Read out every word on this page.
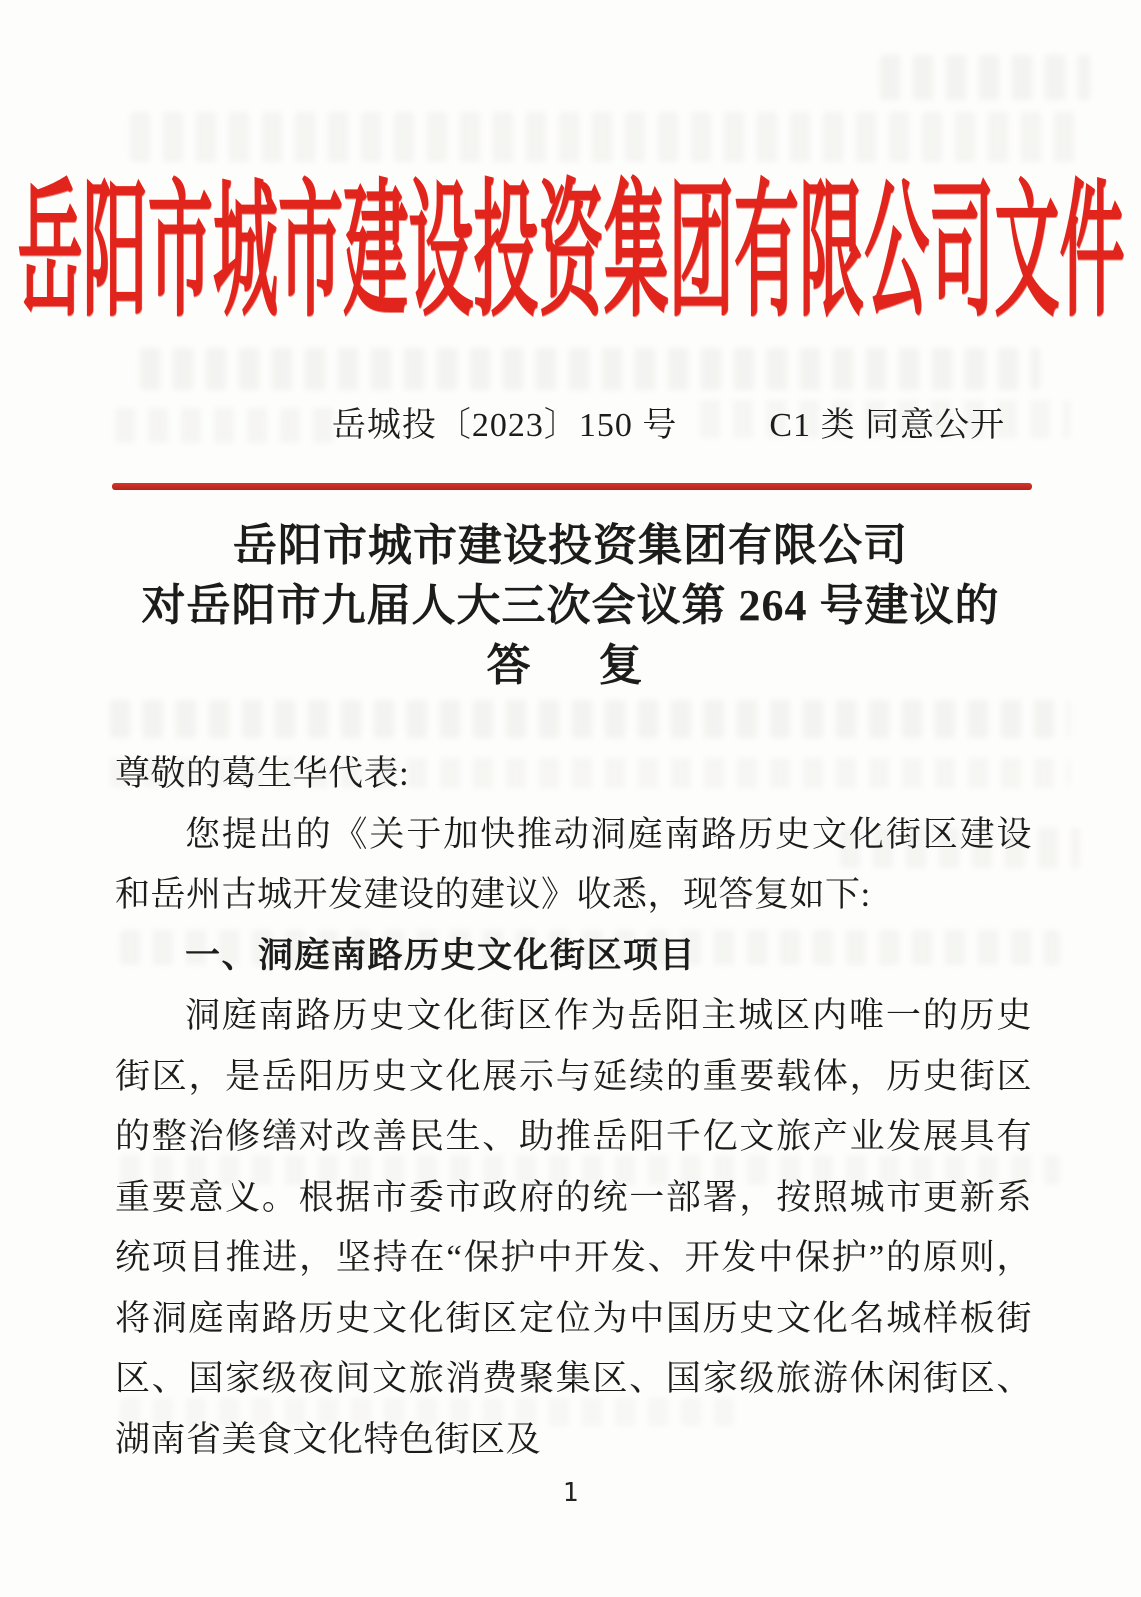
岳阳市城市建设投资集团有限公司文件
岳城投〔2023〕150 号	C1 类 同意公开
岳阳市城市建设投资集团有限公司
对岳阳市九届人大三次会议第 264 号建议的
答　复

尊敬的葛生华代表:

您提出的《关于加快推动洞庭南路历史文化街区建设和岳州古城开发建设的建议》收悉，现答复如下:

一、洞庭南路历史文化街区项目

洞庭南路历史文化街区作为岳阳主城区内唯一的历史街区，是岳阳历史文化展示与延续的重要载体，历史街区的整治修缮对改善民生、助推岳阳千亿文旅产业发展具有重要意义。根据市委市政府的统一部署，按照城市更新系统项目推进，坚持在“保护中开发、开发中保护”的原则，将洞庭南路历史文化街区定位为中国历史文化名城样板街区、国家级夜间文旅消费聚集区、国家级旅游休闲街区、湖南省美食文化特色街区及

1
